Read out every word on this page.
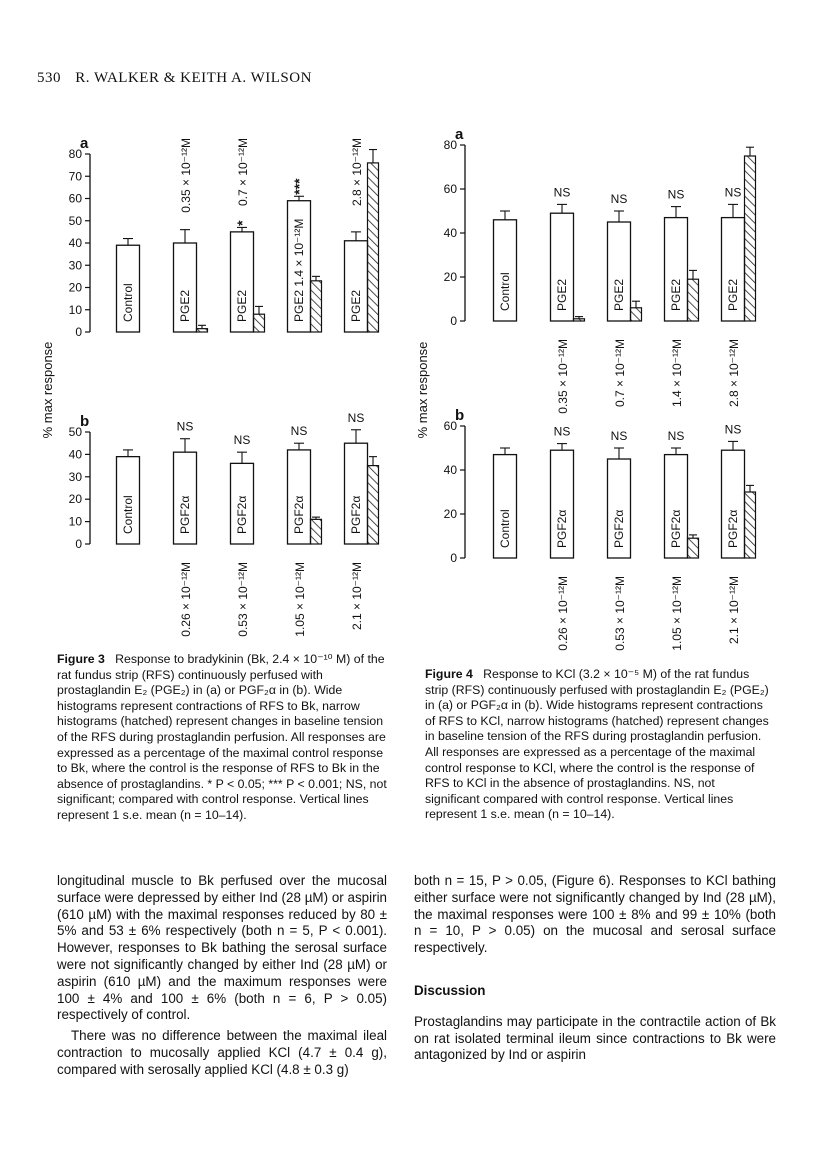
530 R. WALKER & KEITH A. WILSON
a
0
10
20
30
40
50
60
70
80
Control	PGE2
0.35 × 10⁻¹²M
PGE2
*
0.7 × 10⁻¹²M
PGE2 1.4 × 10⁻¹²M
***
PGE2
2.8 × 10⁻¹²M
b
0
10
20
30
40
50
Control	PGF2α
NS
0.26 × 10⁻¹²M
PGF2α
NS
0.53 × 10⁻¹²M
PGF2α
NS
1.05 × 10⁻¹²M
PGF2α
NS
2.1 × 10⁻¹²M
% max response
a
0
20
40
60
80
Control	PGE2
NS
0.35 × 10⁻¹²M
PGE2
NS
0.7 × 10⁻¹²M
PGE2
NS
1.4 × 10⁻¹²M
PGE2
NS
2.8 × 10⁻¹²M
b
0
20
40
60
Control	PGF2α
NS
0.26 × 10⁻¹²M
PGF2α
NS
0.53 × 10⁻¹²M
PGF2α
NS
1.05 × 10⁻¹²M
PGF2α
NS
2.1 × 10⁻¹²M
% max response
Figure 3 Response to bradykinin (Bk, 2.4 × 10⁻¹⁰ M) of the rat fundus strip (RFS) continuously perfused with prostaglandin E₂ (PGE₂) in (a) or PGF₂α in (b). Wide histograms represent contractions of RFS to Bk, narrow histograms (hatched) represent changes in baseline tension of the RFS during prostaglandin perfusion. All responses are expressed as a percentage of the maximal control response to Bk, where the control is the response of RFS to Bk in the absence of prostaglandins. * P < 0.05; *** P < 0.001; NS, not significant; compared with control response. Vertical lines represent 1 s.e. mean (n = 10–14).
Figure 4 Response to KCl (3.2 × 10⁻⁵ M) of the rat fundus strip (RFS) continuously perfused with prostaglandin E₂ (PGE₂) in (a) or PGF₂α in (b). Wide histograms represent contractions of RFS to KCl, narrow histograms (hatched) represent changes in baseline tension of the RFS during prostaglandin perfusion. All responses are expressed as a percentage of the maximal control response to KCl, where the control is the response of RFS to KCl in the absence of prostaglandins. NS, not significant compared with control response. Vertical lines represent 1 s.e. mean (n = 10–14).

longitudinal muscle to Bk perfused over the mucosal surface were depressed by either Ind (28 µM) or aspirin (610 µM) with the maximal responses reduced by 80 ± 5% and 53 ± 6% respectively (both n = 5, P < 0.001). However, responses to Bk bathing the serosal surface were not significantly changed by either Ind (28 µM) or aspirin (610 µM) and the maximum responses were 100 ± 4% and 100 ± 6% (both n = 6, P > 0.05) respectively of control.

There was no difference between the maximal ileal contraction to mucosally applied KCl (4.7 ± 0.4 g), compared with serosally applied KCl (4.8 ± 0.3 g)

both n = 15, P > 0.05, (Figure 6). Responses to KCl bathing either surface were not significantly changed by Ind (28 µM), the maximal responses were 100 ± 8% and 99 ± 10% (both n = 10, P > 0.05) on the mucosal and serosal surface respectively.

Discussion

Prostaglandins may participate in the contractile action of Bk on rat isolated terminal ileum since contractions to Bk were antagonized by Ind or aspirin
